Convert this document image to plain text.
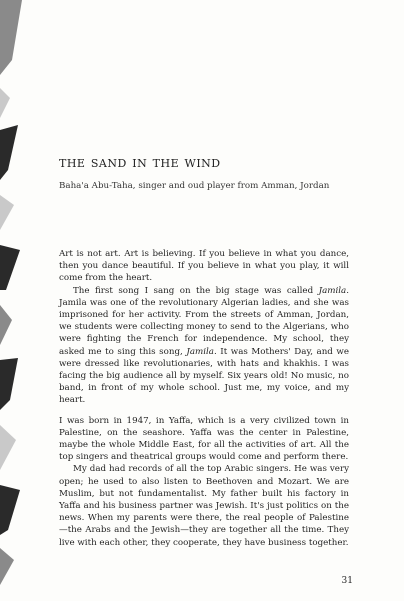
the sand in the wind
Baha'a Abu-Taha, singer and oud player from Amman, Jordan

Art is not art. Art is believing. If you believe in what you dance, then you dance beautiful. If you believe in what you play, it will come from the heart.

The first song I sang on the big stage was called Jamila. Jamila was one of the revolutionary Algerian ladies, and she was imprisoned for her activity. From the streets of Amman, Jordan, we students were collecting money to send to the Algerians, who were fighting the French for independence. My school, they asked me to sing this song, Jamila. It was Mothers' Day, and we were dressed like revolutionaries, with hats and khakhis. I was facing the big audience all by myself. Six years old! No music, no band, in front of my whole school. Just me, my voice, and my heart.

I was born in 1947, in Yaffa, which is a very civilized town in Palestine, on the seashore. Yaffa was the center in Palestine, maybe the whole Middle East, for all the activities of art. All the top singers and theatrical groups would come and perform there.

My dad had records of all the top Arabic singers. He was very open; he used to also listen to Beethoven and Mozart. We are Muslim, but not fundamentalist. My father built his factory in Yaffa and his business partner was Jewish. It's just politics on the news. When my parents were there, the real people of Palestine—the Arabs and the Jewish—they are together all the time. They live with each other, they cooperate, they have business together.

31
